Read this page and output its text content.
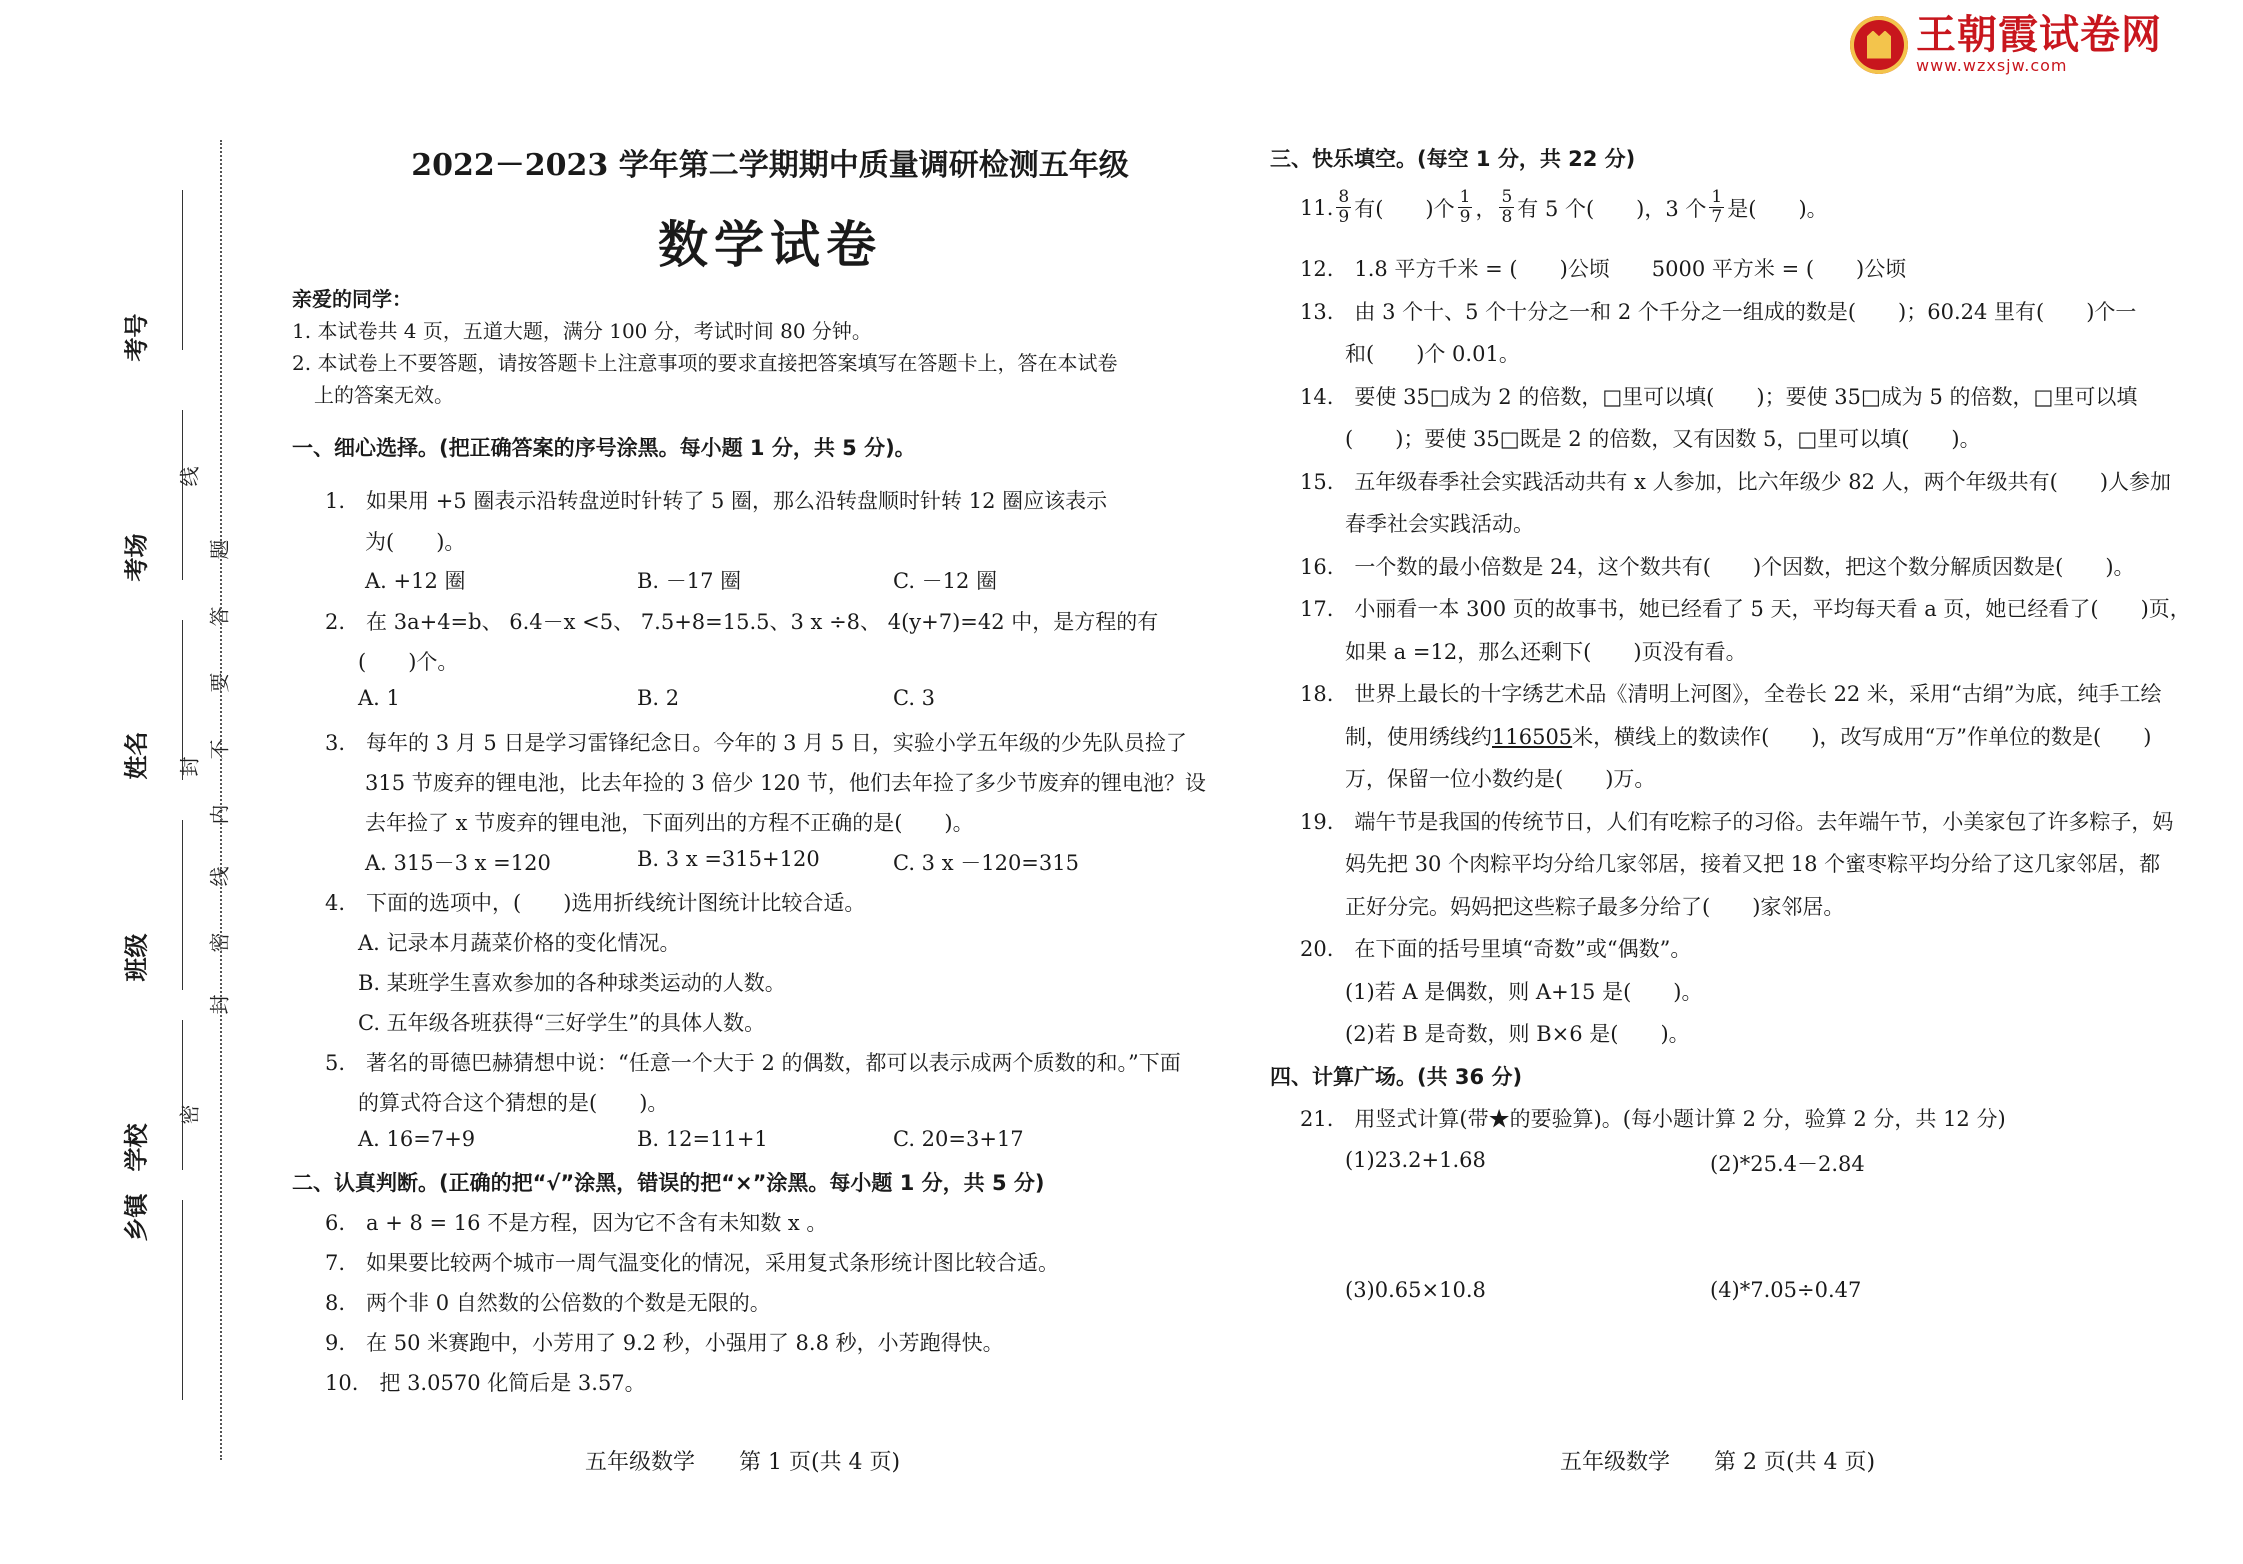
王朝霞试卷网
www.wzxsjw.com
考号
考场
姓名
班级
学校
乡镇
线
题
答
要
不
内
线
封
密
封
密
2022－2023 学年第二学期期中质量调研检测五年级
数学试卷
亲爱的同学：
1. 本试卷共 4 页，五道大题，满分 100 分，考试时间 80 分钟。
2. 本试卷上不要答题，请按答题卡上注意事项的要求直接把答案填写在答题卡上，答在本试卷
上的答案无效。
一、细心选择。(把正确答案的序号涂黑。每小题 1 分，共 5 分)。
1.　如果用 +5 圈表示沿转盘逆时针转了 5 圈，那么沿转盘顺时针转 12 圈应该表示
为(　　)。
A. +12 圈	B. －17 圈	C. －12 圈
2.　在 3a+4=b、 6.4－x <5、 7.5+8=15.5、3 x ÷8、 4(y+7)=42 中，是方程的有
(　　)个。
A. 1	B. 2	C. 3
3.　每年的 3 月 5 日是学习雷锋纪念日。今年的 3 月 5 日，实验小学五年级的少先队员捡了
315 节废弃的锂电池，比去年捡的 3 倍少 120 节，他们去年捡了多少节废弃的锂电池？设
去年捡了 x 节废弃的锂电池，下面列出的方程不正确的是(　　)。
A. 315－3 x =120	B. 3 x =315+120	C. 3 x －120=315
4.　下面的选项中，(　　)选用折线统计图统计比较合适。
A. 记录本月蔬菜价格的变化情况。
B. 某班学生喜欢参加的各种球类运动的人数。
C. 五年级各班获得“三好学生”的具体人数。
5.　著名的哥德巴赫猜想中说：“任意一个大于 2 的偶数，都可以表示成两个质数的和。”下面
的算式符合这个猜想的是(　　)。
A. 16=7+9	B. 12=11+1	C. 20=3+17
二、认真判断。(正确的把“√”涂黑，错误的把“×”涂黑。每小题 1 分，共 5 分)
6.　a + 8 = 16 不是方程，因为它不含有未知数 x 。
7.　如果要比较两个城市一周气温变化的情况，采用复式条形统计图比较合适。
8.　两个非 0 自然数的公倍数的个数是无限的。
9.　在 50 米赛跑中，小芳用了 9.2 秒，小强用了 8.8 秒，小芳跑得快。
10.　把 3.0570 化简后是 3.57。
三、快乐填空。(每空 1 分，共 22 分)
11. $\frac{8}{9}$ 有(　　)个 $\frac{1}{9}$ ， $\frac{5}{8}$ 有 5 个(　　)，3 个 $\frac{1}{7}$ 是(　　)。
12.　1.8 平方千米 = (　　)公顷　　5000 平方米 = (　　)公顷
13.　由 3 个十、5 个十分之一和 2 个千分之一组成的数是(　　)；60.24 里有(　　)个一
和(　　)个 0.01。
14.　要使 35□成为 2 的倍数，□里可以填(　　)；要使 35□成为 5 的倍数，□里可以填
(　　)；要使 35□既是 2 的倍数，又有因数 5，□里可以填(　　)。
15.　五年级春季社会实践活动共有 x 人参加，比六年级少 82 人，两个年级共有(　　)人参加
春季社会实践活动。
16.　一个数的最小倍数是 24，这个数共有(　　)个因数，把这个数分解质因数是(　　)。
17.　小丽看一本 300 页的故事书，她已经看了 5 天，平均每天看 a 页，她已经看了(　　)页，
如果 a =12，那么还剩下(　　)页没有看。
18.　世界上最长的十字绣艺术品《清明上河图》，全卷长 22 米，采用“古绢”为底，纯手工绘
制，使用绣线约116505米，横线上的数读作(　　)，改写成用“万”作单位的数是(　　)
万，保留一位小数约是(　　)万。
19.　端午节是我国的传统节日，人们有吃粽子的习俗。去年端午节，小美家包了许多粽子，妈
妈先把 30 个肉粽平均分给几家邻居，接着又把 18 个蜜枣粽平均分给了这几家邻居，都
正好分完。妈妈把这些粽子最多分给了(　　)家邻居。
20.　在下面的括号里填“奇数”或“偶数”。
(1)若 A 是偶数，则 A+15 是(　　)。
(2)若 B 是奇数，则 B×6 是(　　)。
四、计算广场。(共 36 分)
21.　用竖式计算(带★的要验算)。(每小题计算 2 分，验算 2 分，共 12 分)
(1)23.2+1.68	(2)*25.4－2.84
(3)0.65×10.8	(4)*7.05÷0.47
五年级数学　　第 1 页(共 4 页)	五年级数学　　第 2 页(共 4 页)
